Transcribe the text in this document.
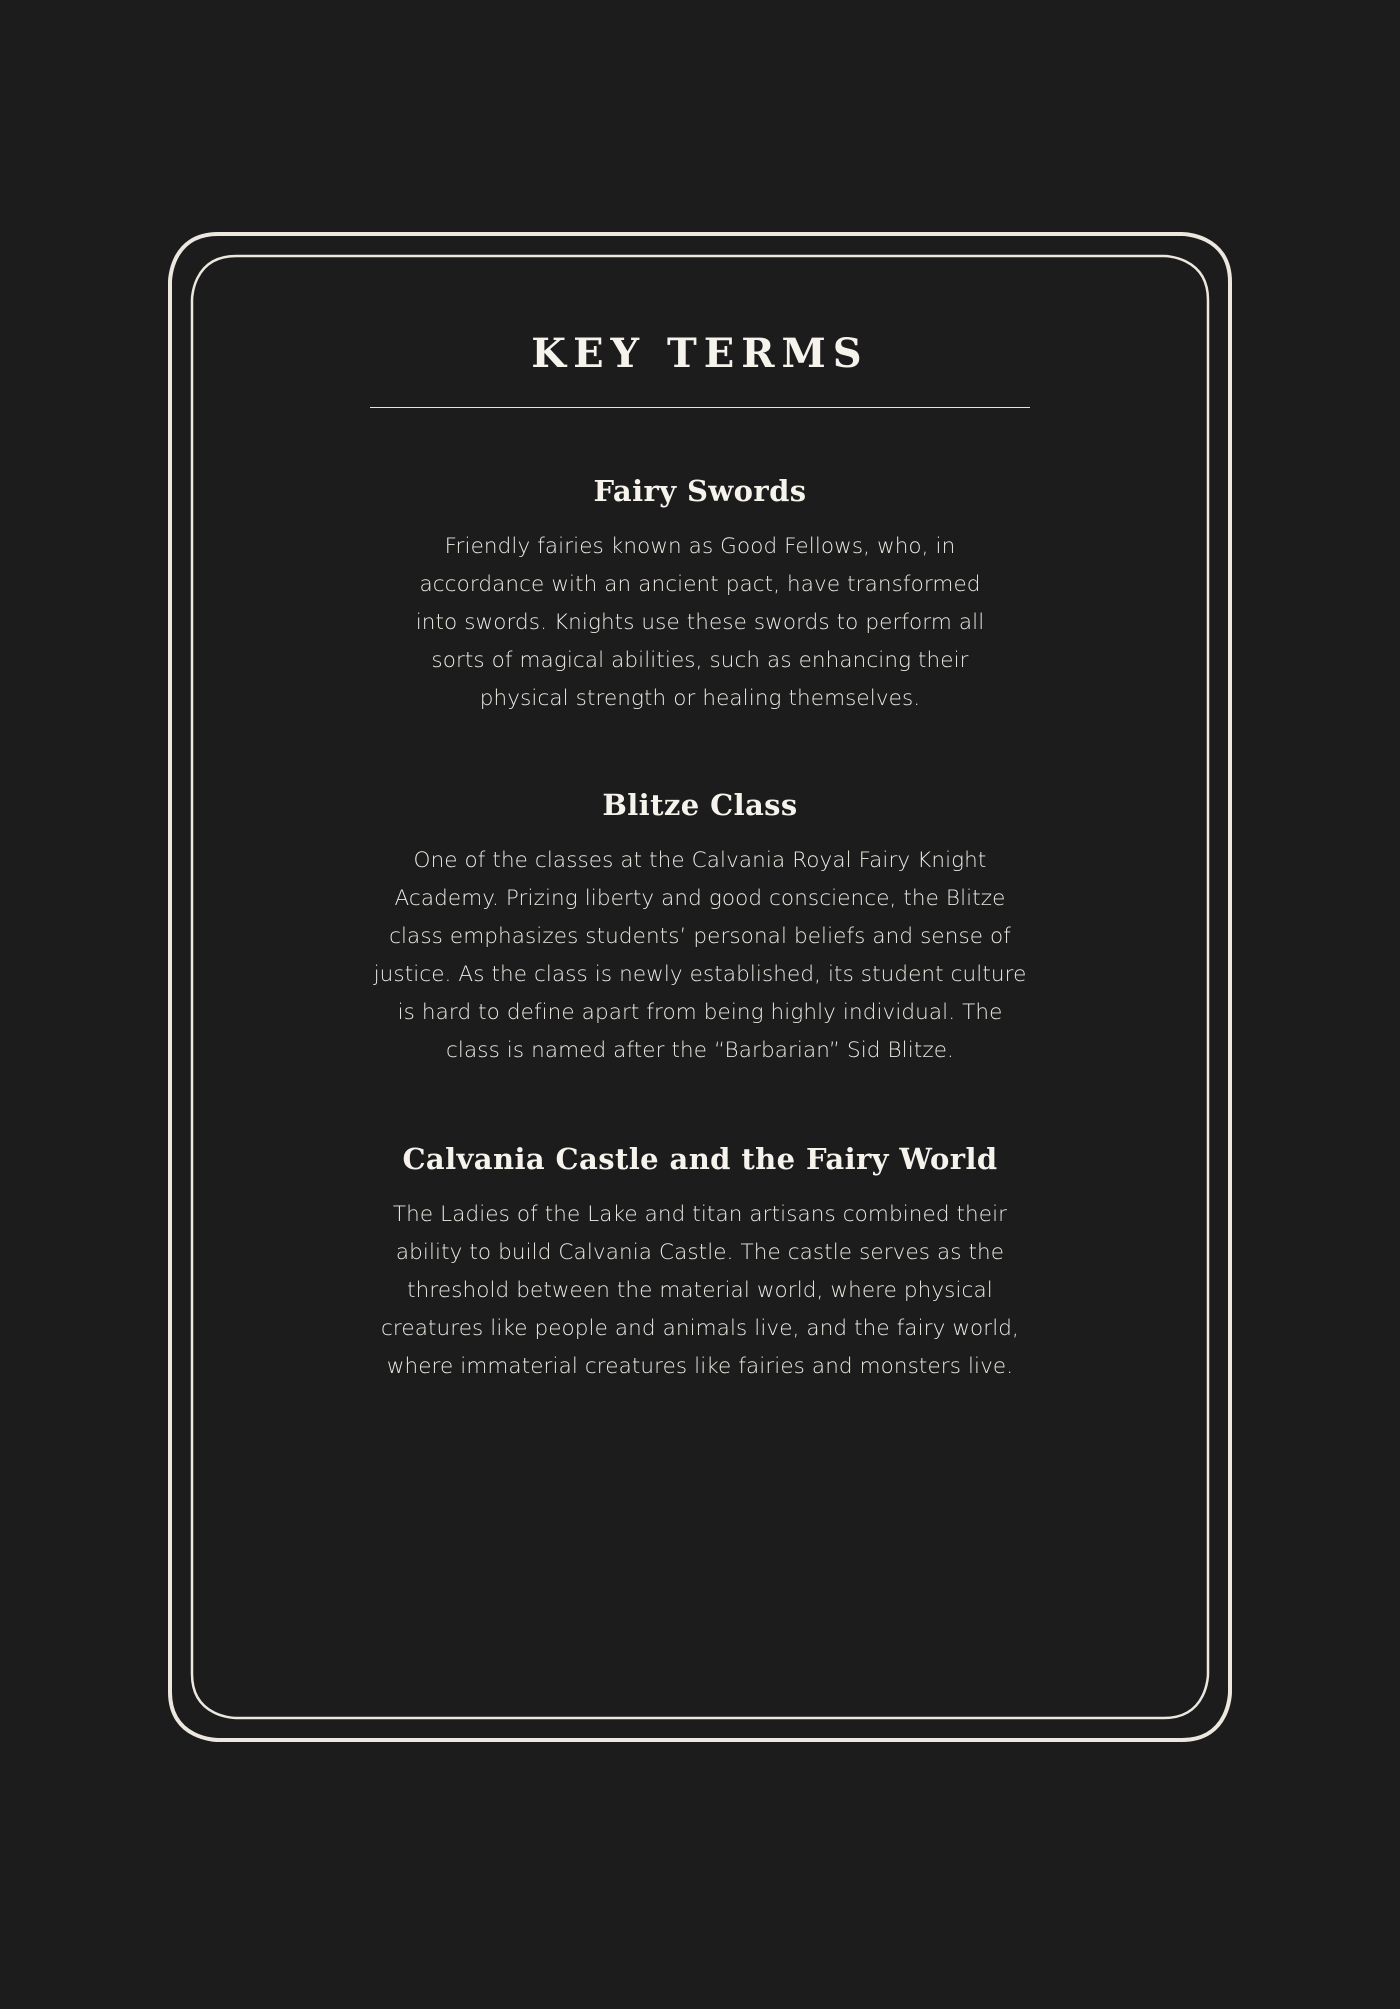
KEY TERMS
Fairy Swords

Friendly fairies known as Good Fellows, who, in accordance with an ancient pact, have transformed into swords. Knights use these swords to perform all sorts of magical abilities, such as enhancing their physical strength or healing themselves.

Blitze Class

One of the classes at the Calvania Royal Fairy Knight Academy. Prizing liberty and good conscience, the Blitze class emphasizes students’ personal beliefs and sense of justice. As the class is newly established, its student culture is hard to define apart from being highly individual. The class is named after the “Barbarian” Sid Blitze.

Calvania Castle and the Fairy World

The Ladies of the Lake and titan artisans combined their ability to build Calvania Castle. The castle serves as the threshold between the material world, where physical creatures like people and animals live, and the fairy world, where immaterial creatures like fairies and monsters live.
